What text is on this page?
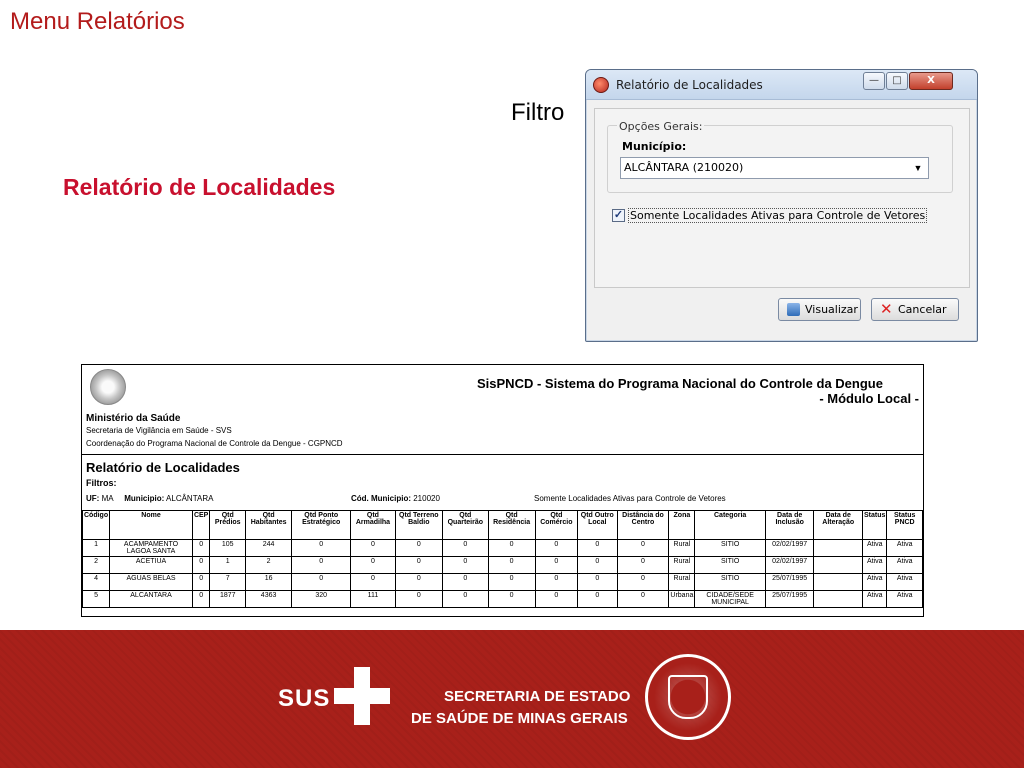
Menu Relatórios
Filtro
Relatório de Localidades
Relatório de Localidades	—	□	X
Opções Gerais:
Município:
ALCÂNTARA (210020)	▼
✓ Somente Localidades Ativas para Controle de Vetores
Visualizar ✕ Cancelar
SisPNCD - Sistema do Programa Nacional do Controle da Dengue
- Módulo Local -
Ministério da Saúde
Secretaria de Vigilância em Saúde - SVS
Coordenação do Programa Nacional de Controle da Dengue - CGPNCD
Relatório de Localidades
Filtros:
UF: MA Municipio: ALCÂNTARA	Cód. Municipio: 210020	Somente Localidades Ativas para Controle de Vetores
Código	Nome	CEP	Qtd Prédios	Qtd Habitantes	Qtd Ponto Estratégico	Qtd Armadilha	Qtd Terreno Baldio	Qtd Quarteirão	Qtd Residência	Qtd Comércio	Qtd Outro Local	Distância do Centro	Zona	Categoria	Data de Inclusão	Data de Alteração	Status	Status PNCD
1	ACAMPAMENTO LAGOA SANTA	0	105	244	0	0	0	0	0	0	0	0	Rural	SITIO	02/02/1997		Ativa	Ativa
2	ACETIUA	0	1	2	0	0	0	0	0	0	0	0	Rural	SITIO	02/02/1997		Ativa	Ativa
4	AGUAS BELAS	0	7	16	0	0	0	0	0	0	0	0	Rural	SITIO	25/07/1995		Ativa	Ativa
5	ALCANTARA	0	1877	4363	320	111	0	0	0	0	0	0	Urbana	CIDADE/SEDE MUNICIPAL	25/07/1995		Ativa	Ativa
SUS	SECRETARIA DE ESTADO
DE SAÚDE DE MINAS GERAIS
